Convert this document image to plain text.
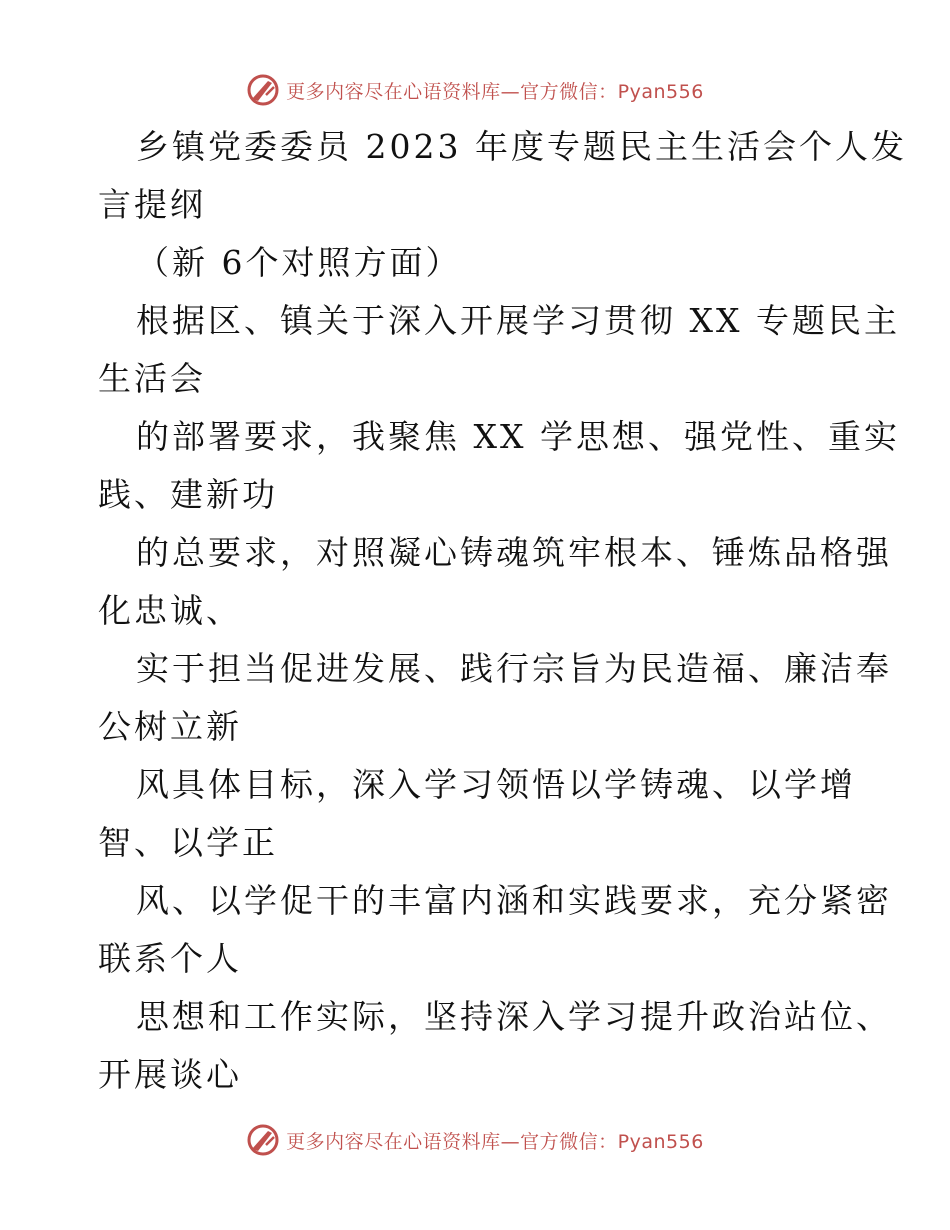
更多内容尽在心语资料库—官方微信：Pyan556
乡镇党委委员 2023 年度专题民主生活会个人发
言提纲
（新 6个对照方面）
根据区、镇关于深入开展学习贯彻 XX 专题民主
生活会
的部署要求，我聚焦 XX 学思想、强党性、重实
践、建新功
的总要求，对照凝心铸魂筑牢根本、锤炼品格强
化忠诚、
实于担当促进发展、践行宗旨为民造福、廉洁奉
公树立新
风具体目标，深入学习领悟以学铸魂、以学增
智、以学正
风、以学促干的丰富内涵和实践要求，充分紧密
联系个人
思想和工作实际，坚持深入学习提升政治站位、
开展谈心
更多内容尽在心语资料库—官方微信：Pyan556
